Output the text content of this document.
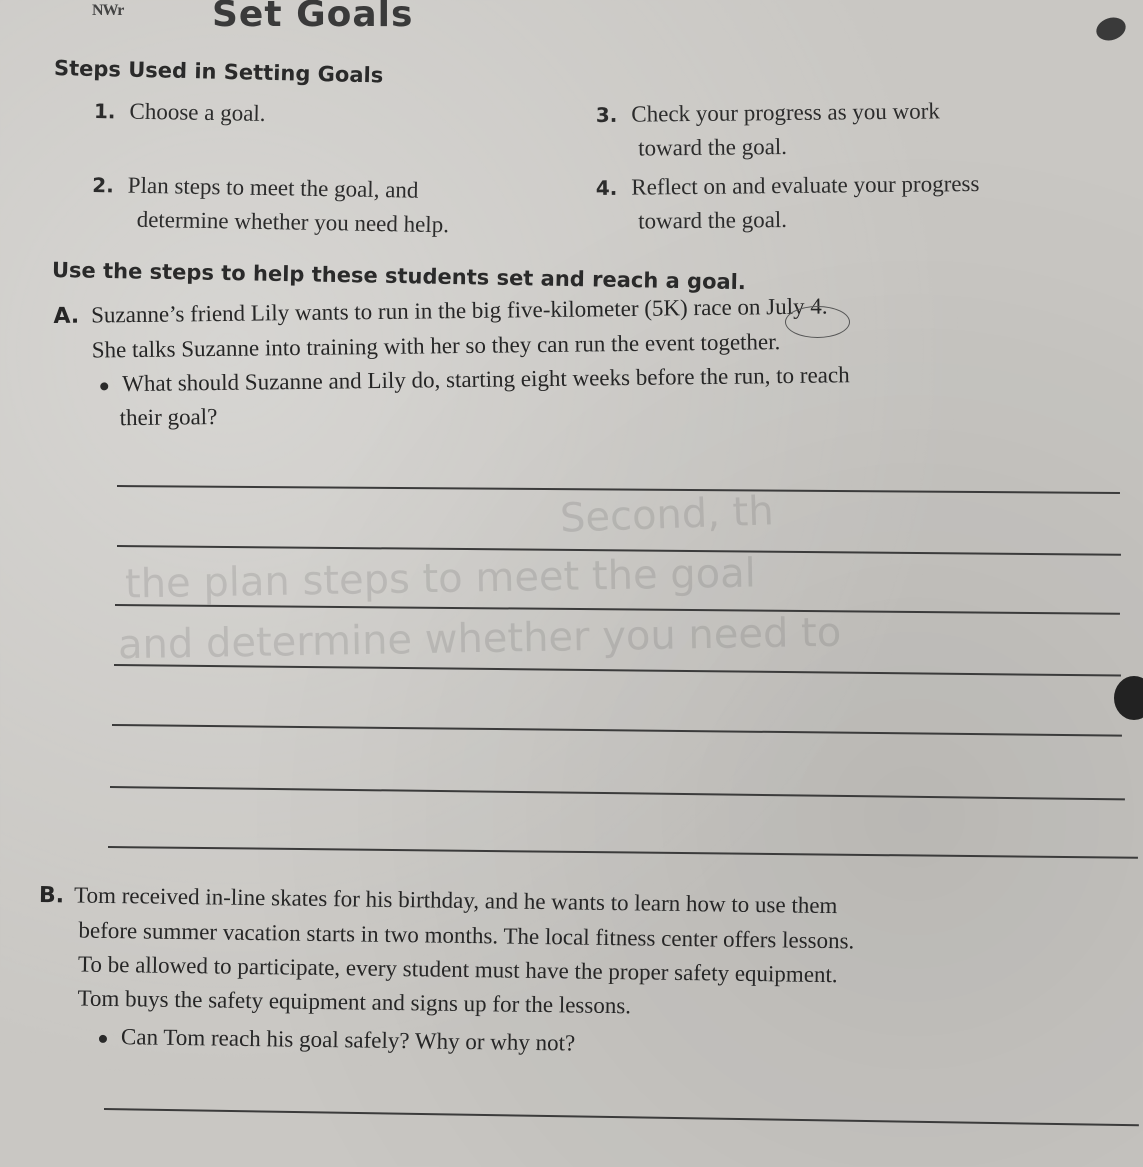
NWr Set Goals
Steps Used in Setting Goals
1. Choose a goal.
2. Plan steps to meet the goal, and
determine whether you need help.
3. Check your progress as you work
toward the goal.
4. Reflect on and evaluate your progress
toward the goal.
Use the steps to help these students set and reach a goal.
A. Suzanne’s friend Lily wants to run in the big five-kilometer (5K) race on July 4.
She talks Suzanne into training with her so they can run the event together.
What should Suzanne and Lily do, starting eight weeks before the run, to reach
their goal?
Second, th
the plan steps to meet the goal
and determine whether you need to
B. Tom received in-line skates for his birthday, and he wants to learn how to use them
before summer vacation starts in two months. The local fitness center offers lessons.
To be allowed to participate, every student must have the proper safety equipment.
Tom buys the safety equipment and signs up for the lessons.
Can Tom reach his goal safely? Why or why not?
